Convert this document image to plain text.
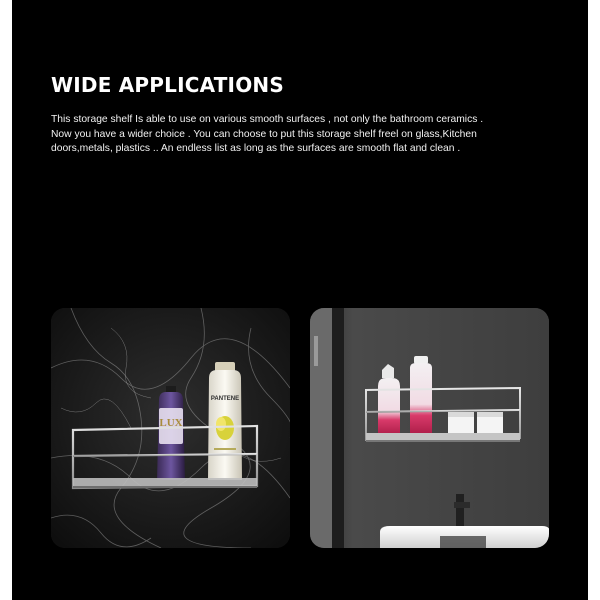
WIDE APPLICATIONS

This storage shelf Is able to use on various smooth surfaces , not only the bathroom ceramics .
Now you have a wider choice . You can choose to put this storage shelf freel on glass,Kitchen
doors,metals, plastics .. An endless list as long as the surfaces are smooth flat and clean .

LUX
PANTENE
